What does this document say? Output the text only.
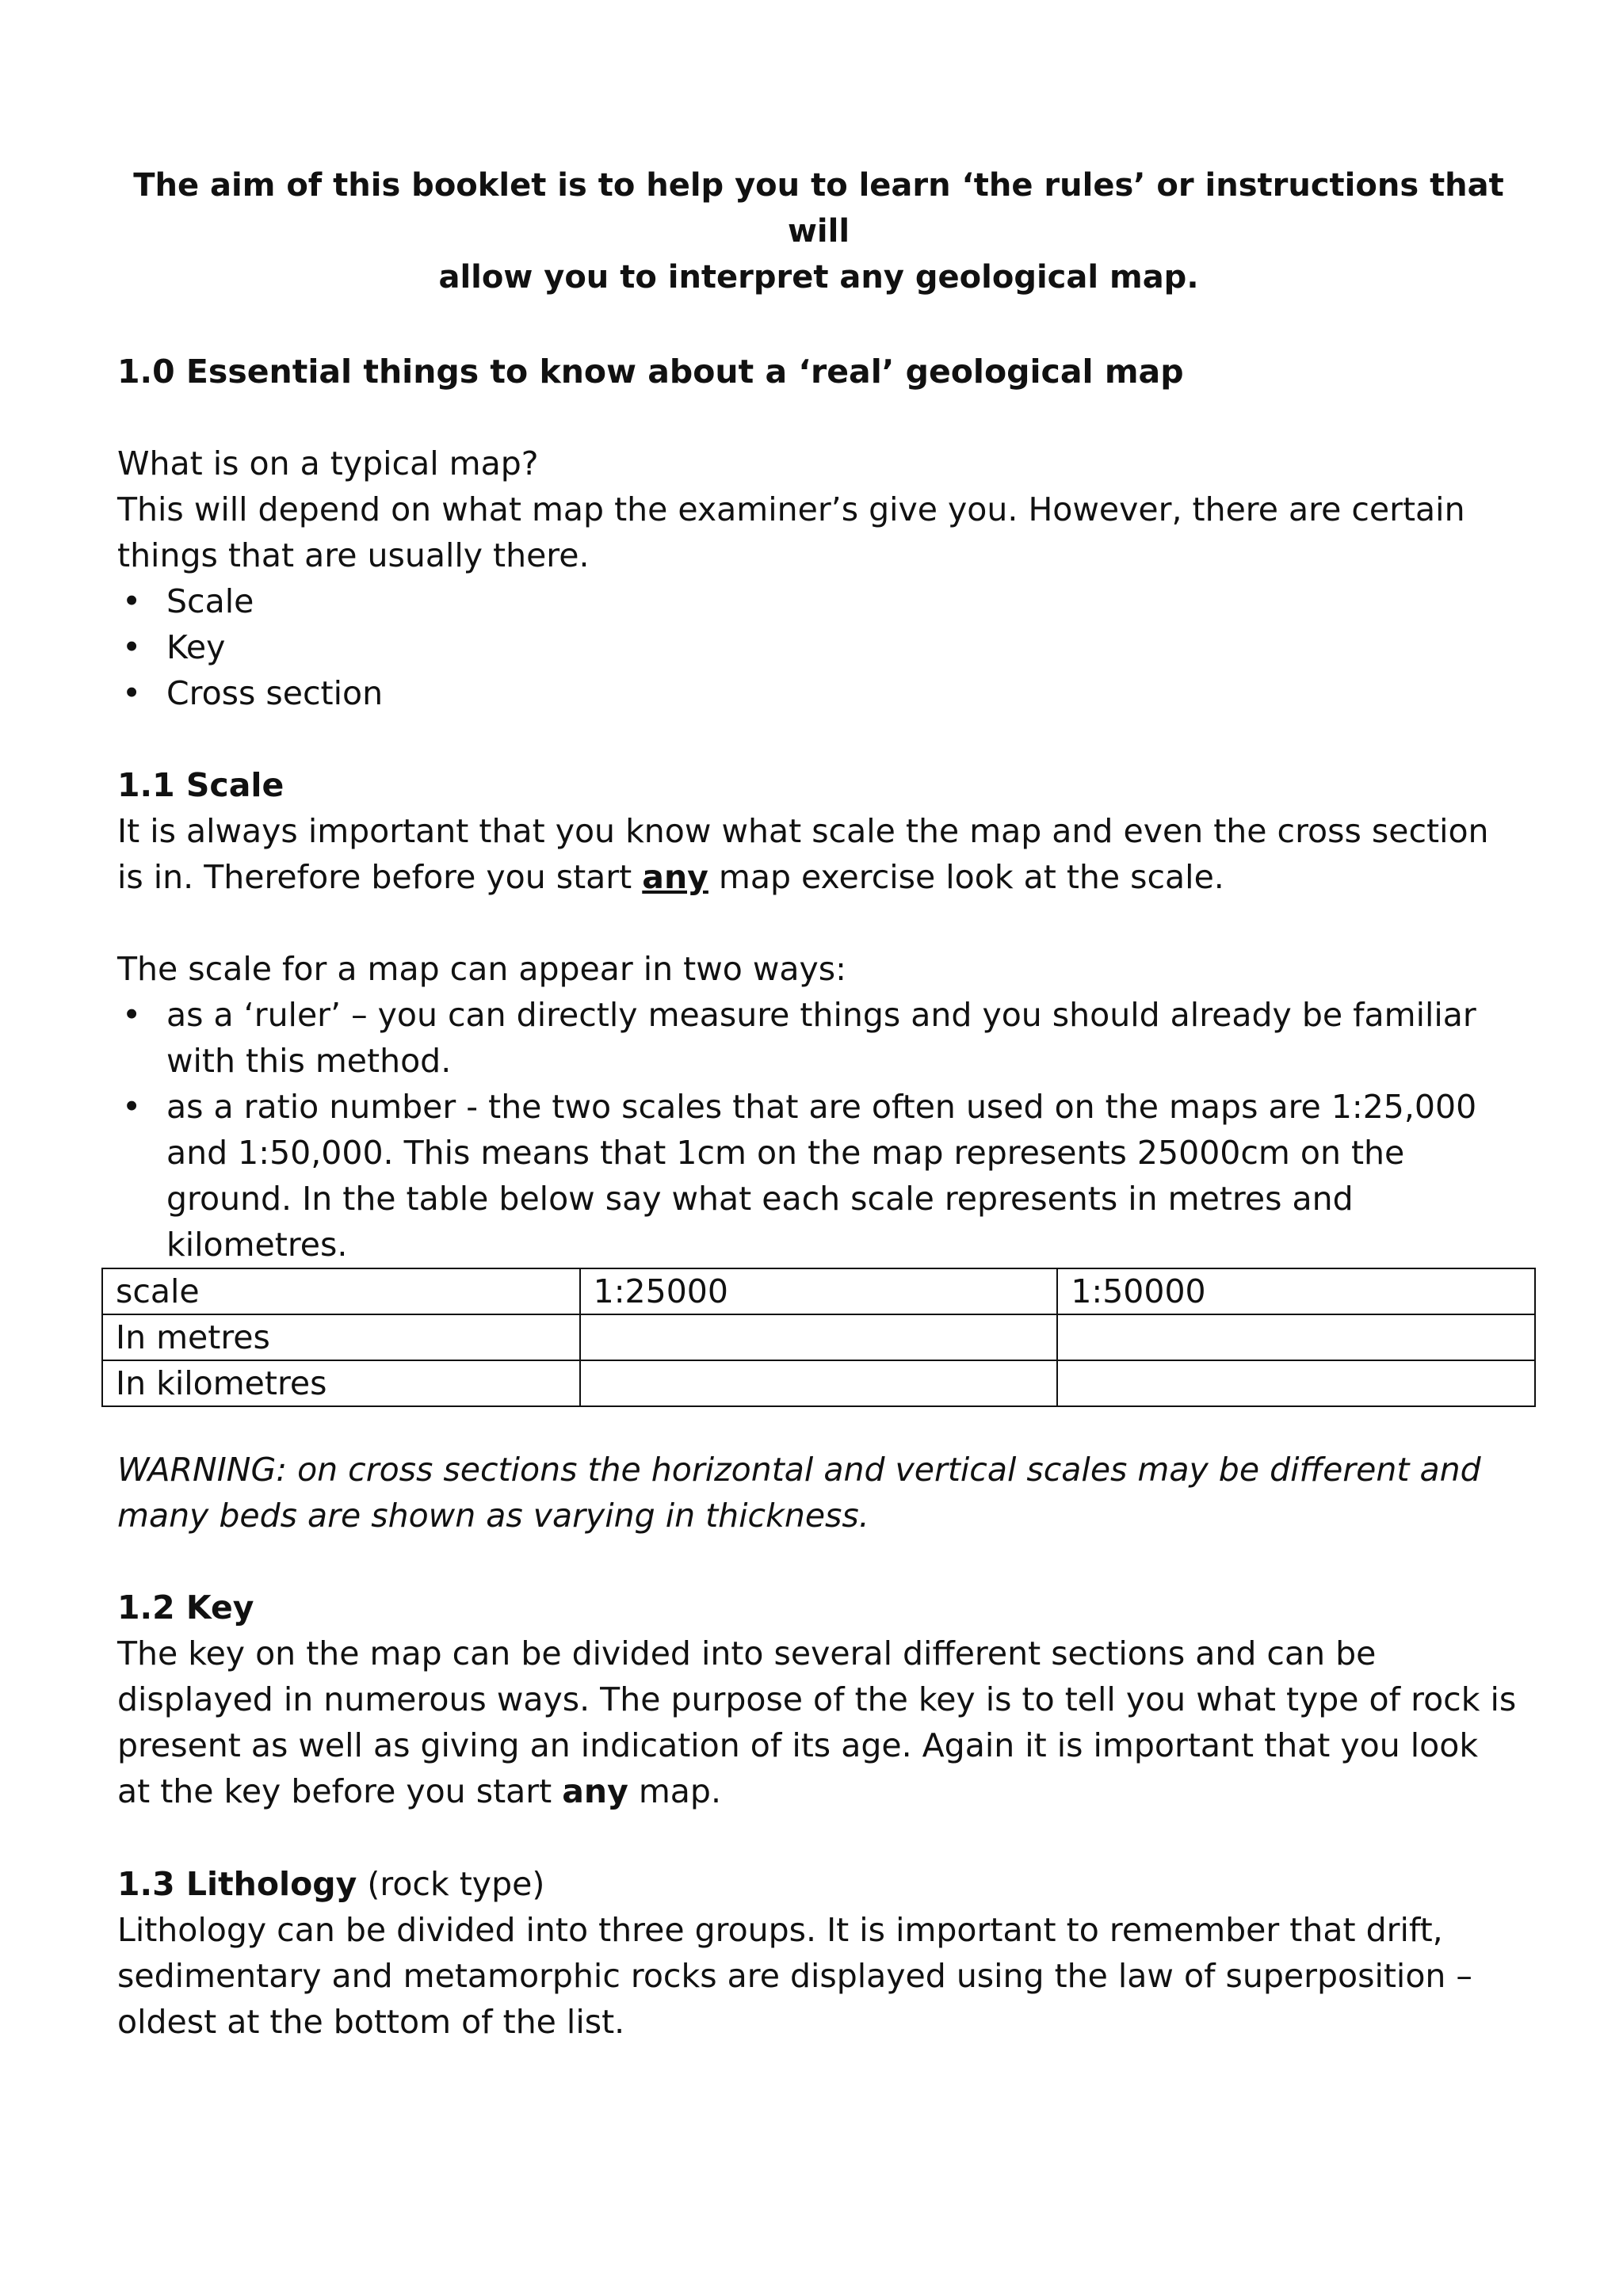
The aim of this booklet is to help you to learn ‘the rules’ or instructions that will
allow you to interpret any geological map.
1.0 Essential things to know about a ‘real’ geological map
What is on a typical map?
This will depend on what map the examiner’s give you. However, there are certain things that are usually there.
• Scale
• Key
• Cross section
1.1 Scale
It is always important that you know what scale the map and even the cross section is in. Therefore before you start any map exercise look at the scale.
The scale for a map can appear in two ways:
• as a ‘ruler’ – you can directly measure things and you should already be familiar with this method.
• as a ratio number - the two scales that are often used on the maps are 1:25,000 and 1:50,000. This means that 1cm on the map represents 25000cm on the ground. In the table below say what each scale represents in metres and kilometres.
scale	1:25000	1:50000
In metres		
In kilometres		
WARNING: on cross sections the horizontal and vertical scales may be different and many beds are shown as varying in thickness.
1.2 Key
The key on the map can be divided into several different sections and can be displayed in numerous ways. The purpose of the key is to tell you what type of rock is present as well as giving an indication of its age. Again it is important that you look at the key before you start any map.
1.3 Lithology (rock type)
Lithology can be divided into three groups. It is important to remember that drift, sedimentary and metamorphic rocks are displayed using the law of superposition – oldest at the bottom of the list.
